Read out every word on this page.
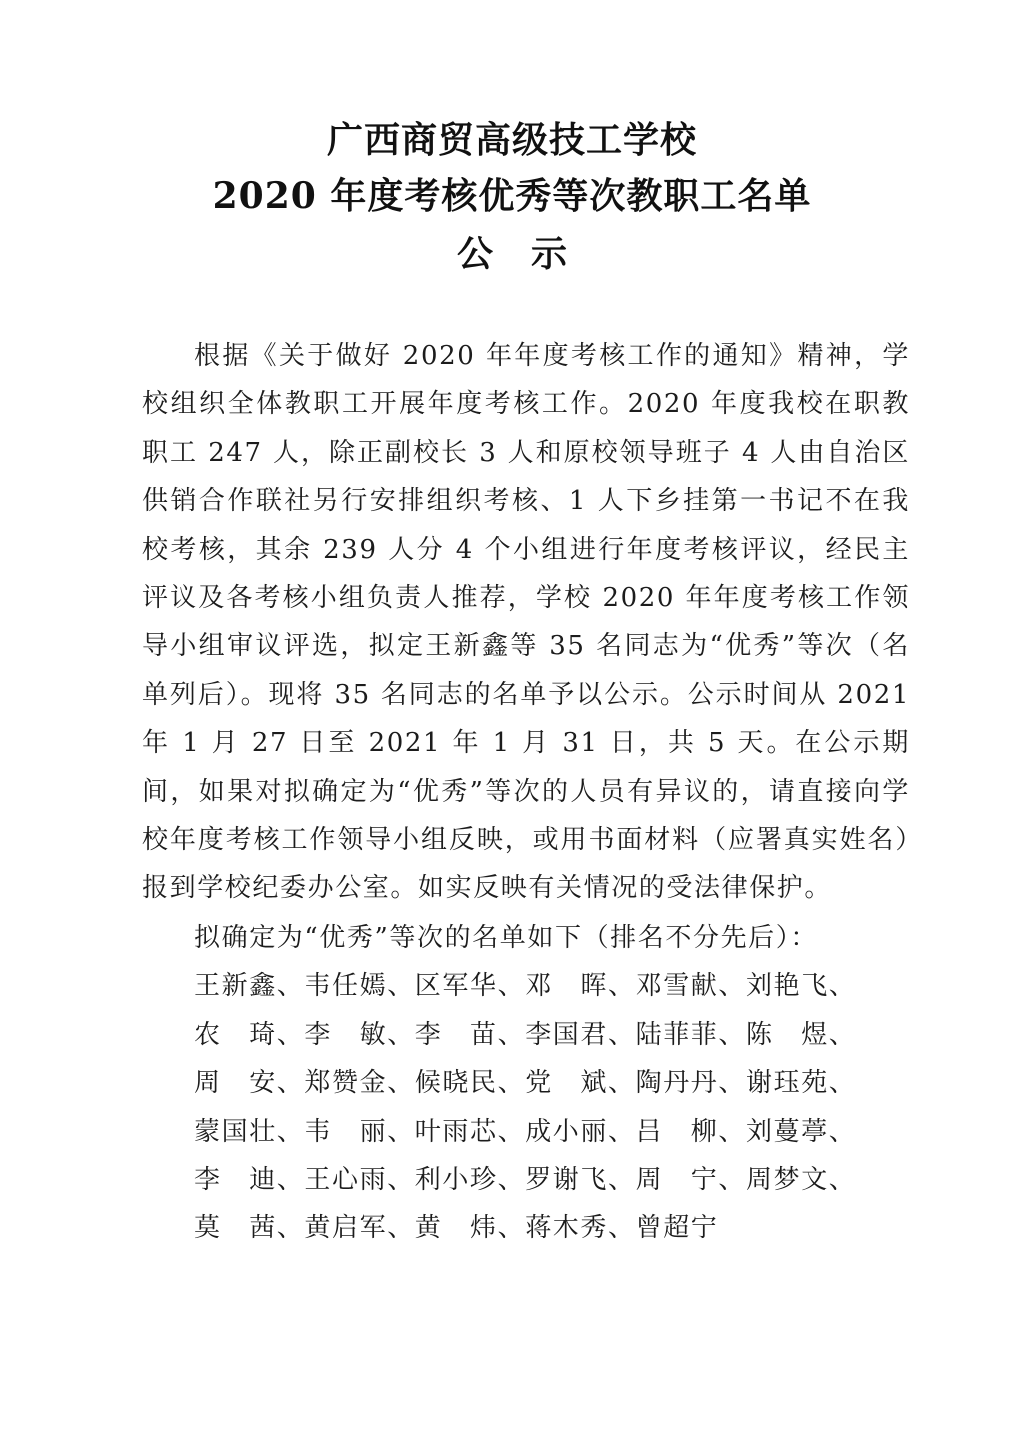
广西商贸高级技工学校
2020 年度考核优秀等次教职工名单
公示

根据《关于做好 2020 年年度考核工作的通知》精神，学校组织全体教职工开展年度考核工作。2020 年度我校在职教职工 247 人，除正副校长 3 人和原校领导班子 4 人由自治区供销合作联社另行安排组织考核、1 人下乡挂第一书记不在我校考核，其余 239 人分 4 个小组进行年度考核评议，经民主评议及各考核小组负责人推荐，学校 2020 年年度考核工作领导小组审议评选，拟定王新鑫等 35 名同志为“优秀”等次（名单列后）。现将 35 名同志的名单予以公示。公示时间从 2021 年 1 月 27 日至 2021 年 1 月 31 日，共 5 天。在公示期间，如果对拟确定为“优秀”等次的人员有异议的，请直接向学校年度考核工作领导小组反映，或用书面材料（应署真实姓名）报到学校纪委办公室。如实反映有关情况的受法律保护。

拟确定为“优秀”等次的名单如下（排名不分先后）：

王新鑫、韦任嫣、区军华、邓　晖、邓雪献、刘艳飞、
农　琦、李　敏、李　苗、李国君、陆菲菲、陈　煜、
周　安、郑赞金、候晓民、党　斌、陶丹丹、谢珏苑、
蒙国壮、韦　丽、叶雨芯、成小丽、吕　柳、刘蔓葶、
李　迪、王心雨、利小珍、罗谢飞、周　宁、周梦文、
莫　茜、黄启军、黄　炜、蒋木秀、曾超宁
